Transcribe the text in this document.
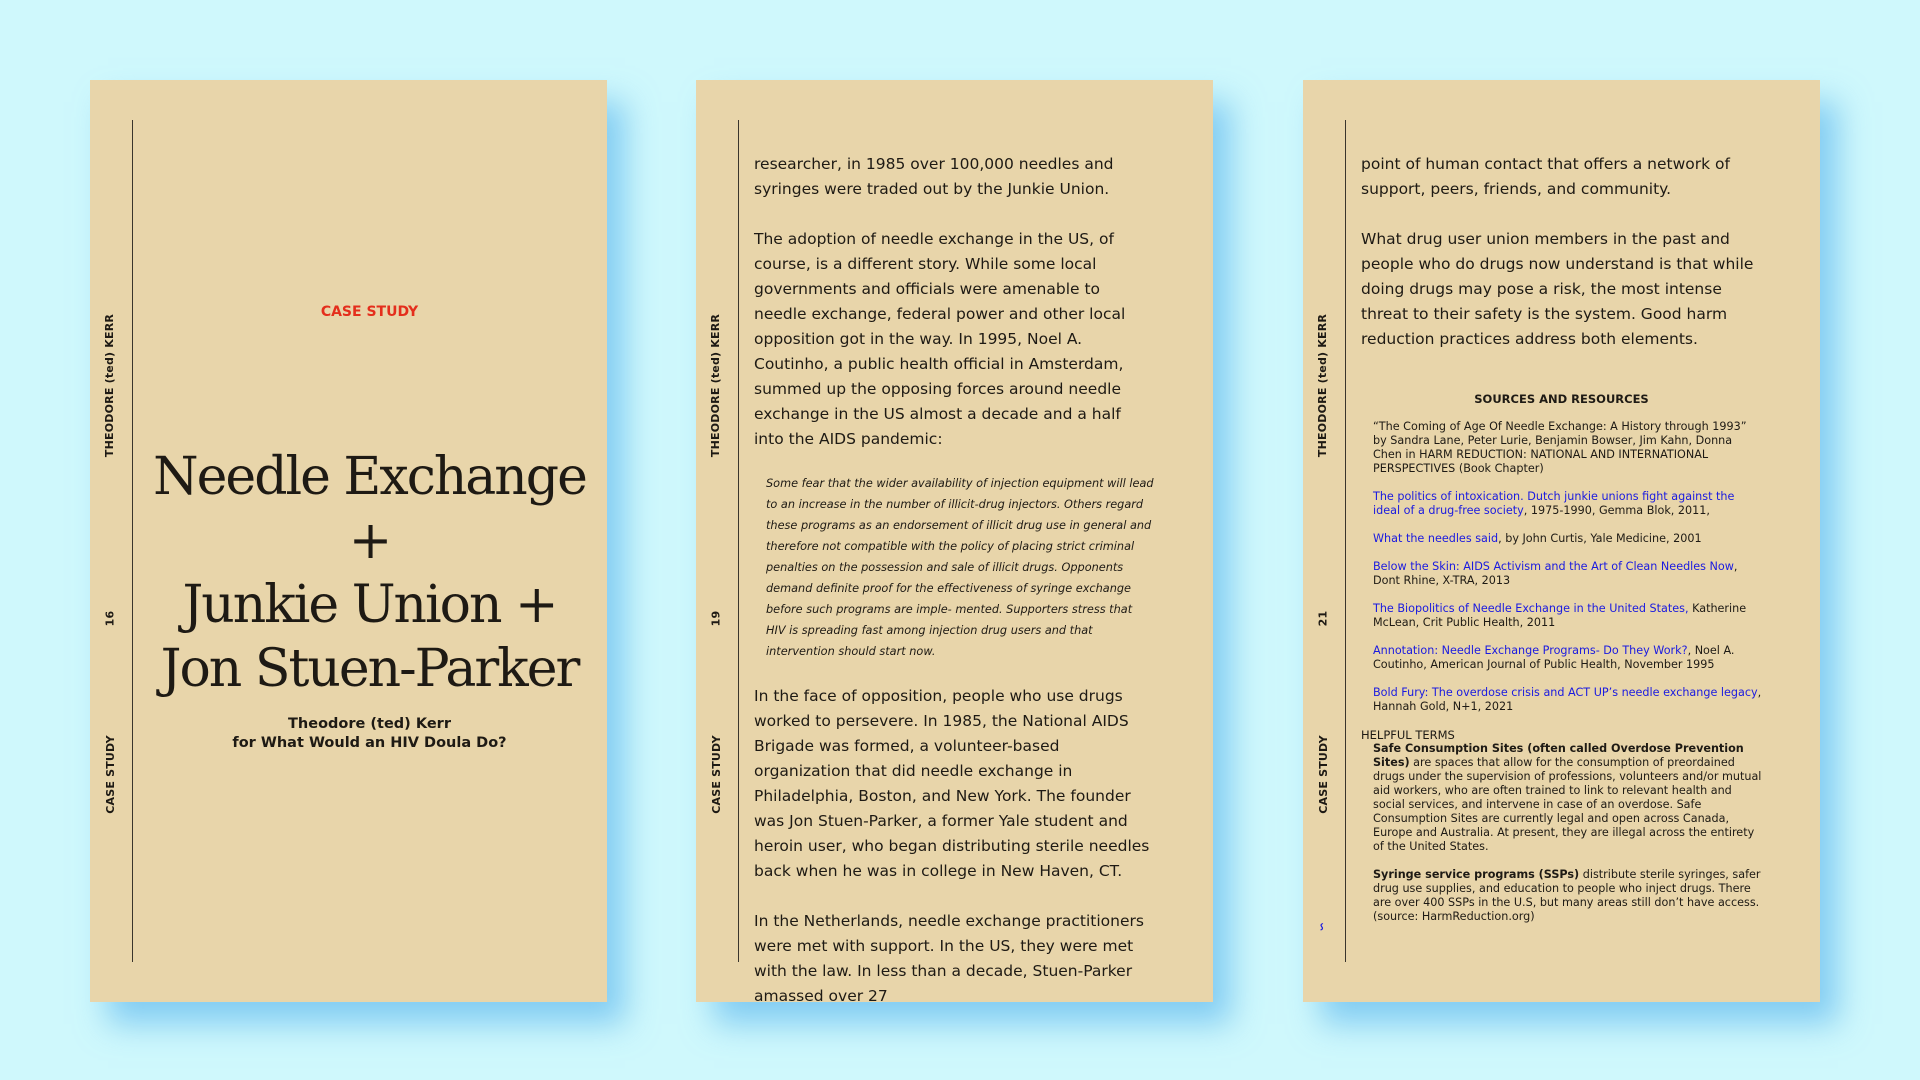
THEODORE (ted) KERR
16
CASE STUDY
CASE STUDY
Needle Exchange +
Junkie Union +
Jon Stuen-Parker
Theodore (ted) Kerr
for What Would an HIV Doula Do?
THEODORE (ted) KERR
19
CASE STUDY

researcher, in 1985 over 100,000 needles and syringes were traded out by the Junkie Union.

The adoption of needle exchange in the US, of course, is a different story. While some local governments and officials were amenable to needle exchange, federal power and other local opposition got in the way. In 1995, Noel A. Coutinho, a public health official in Amsterdam, summed up the opposing forces around needle exchange in the US almost a decade and a half into the AIDS pandemic:

Some fear that the wider availability of injection equipment will lead to an increase in the number of illicit-drug injectors. Others regard these programs as an endorsement of illicit drug use in general and therefore not compatible with the policy of placing strict criminal penalties on the possession and sale of illicit drugs. Opponents demand definite proof for the effectiveness of syringe exchange before such programs are imple- mented. Supporters stress that HIV is spreading fast among injection drug users and that intervention should start now.

In the face of opposition, people who use drugs worked to persevere. In 1985, the National AIDS Brigade was formed, a volunteer-based organization that did needle exchange in Philadelphia, Boston, and New York. The founder was Jon Stuen-Parker, a former Yale student and heroin user, who began distributing sterile needles back when he was in college in New Haven, CT.

In the Netherlands, needle exchange practitioners were met with support. In the US, they were met with the law. In less than a decade, Stuen-Parker amassed over 27

THEODORE (ted) KERR
21
CASE STUDY
ⸯ

point of human contact that offers a network of support, peers, friends, and community.

What drug user union members in the past and people who do drugs now understand is that while doing drugs may pose a risk, the most intense threat to their safety is the system. Good harm reduction practices address both elements.

SOURCES AND RESOURCES

“The Coming of Age Of Needle Exchange: A History through 1993” by Sandra Lane, Peter Lurie, Benjamin Bowser, Jim Kahn, Donna Chen in HARM REDUCTION: NATIONAL AND INTERNATIONAL PERSPECTIVES (Book Chapter)

The politics of intoxication. Dutch junkie unions fight against the ideal of a drug-free society, 1975-1990, Gemma Blok, 2011,

What the needles said, by John Curtis, Yale Medicine, 2001

Below the Skin: AIDS Activism and the Art of Clean Needles Now, Dont Rhine, X-TRA, 2013

The Biopolitics of Needle Exchange in the United States, Katherine McLean, Crit Public Health, 2011

Annotation: Needle Exchange Programs- Do They Work?, Noel A. Coutinho, American Journal of Public Health, November 1995

Bold Fury: The overdose crisis and ACT UP’s needle exchange legacy, Hannah Gold, N+1, 2021

HELPFUL TERMS

Safe Consumption Sites (often called Overdose Prevention Sites) are spaces that allow for the consumption of preordained drugs under the supervision of professions, volunteers and/or mutual aid workers, who are often trained to link to relevant health and social services, and intervene in case of an overdose. Safe Consumption Sites are currently legal and open across Canada, Europe and Australia. At present, they are illegal across the entirety of the United States.

Syringe service programs (SSPs) distribute sterile syringes, safer drug use supplies, and education to people who inject drugs. There are over 400 SSPs in the U.S, but many areas still don’t have access. (source: HarmReduction.org)
